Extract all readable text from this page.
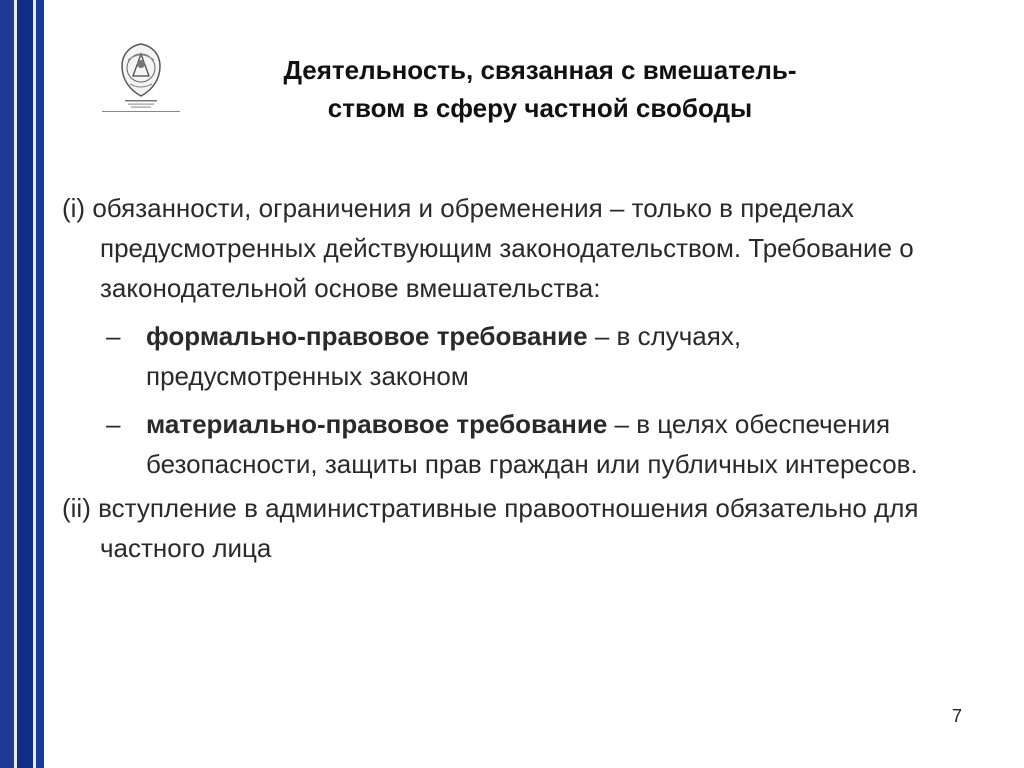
Деятельность, связанная с вмешатель-
ством в сферу частной свободы
(i) обязанности, ограничения и обременения – только в пределах предусмотренных действующим законодательством. Требование о законодательной основе вмешательства:
– формально-правовое требование – в случаях, предусмотренных законом
– материально-правовое требование – в целях обеспечения безопасности, защиты прав граждан или публичных интересов.
(ii) вступление в административные правоотношения обязательно для частного лица
7
